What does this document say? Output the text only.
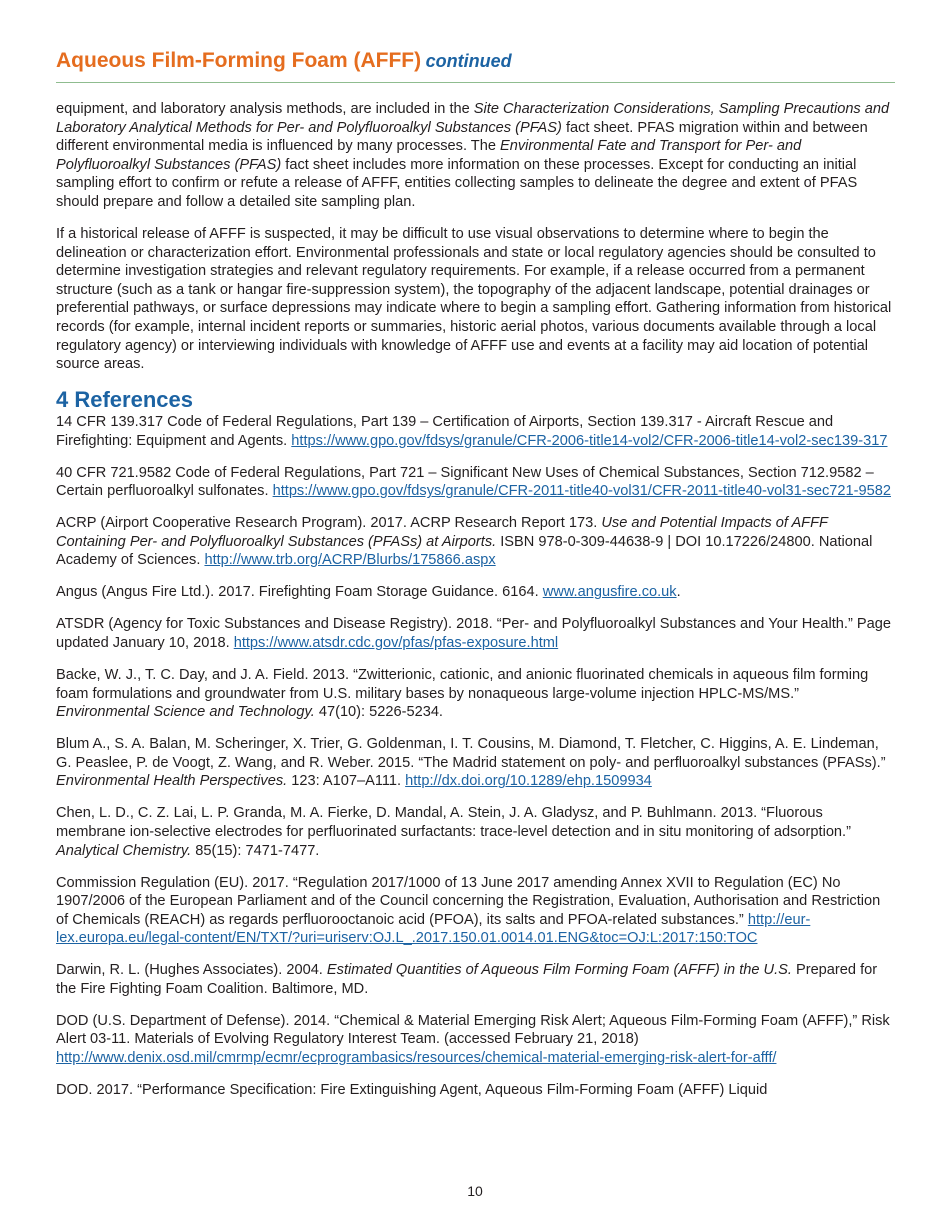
Aqueous Film-Forming Foam (AFFF) continued

equipment, and laboratory analysis methods, are included in the Site Characterization Considerations, Sampling Precautions and Laboratory Analytical Methods for Per- and Polyfluoroalkyl Substances (PFAS) fact sheet. PFAS migration within and between different environmental media is influenced by many processes. The Environmental Fate and Transport for Per- and Polyfluoroalkyl Substances (PFAS) fact sheet includes more information on these processes. Except for conducting an initial sampling effort to confirm or refute a release of AFFF, entities collecting samples to delineate the degree and extent of PFAS should prepare and follow a detailed site sampling plan.

If a historical release of AFFF is suspected, it may be difficult to use visual observations to determine where to begin the delineation or characterization effort. Environmental professionals and state or local regulatory agencies should be consulted to determine investigation strategies and relevant regulatory requirements. For example, if a release occurred from a permanent structure (such as a tank or hangar fire-suppression system), the topography of the adjacent landscape, potential drainages or preferential pathways, or surface depressions may indicate where to begin a sampling effort. Gathering information from historical records (for example, internal incident reports or summaries, historic aerial photos, various documents available through a local regulatory agency) or interviewing individuals with knowledge of AFFF use and events at a facility may aid location of potential source areas.

4 References

14 CFR 139.317 Code of Federal Regulations, Part 139 – Certification of Airports, Section 139.317 - Aircraft Rescue and Firefighting: Equipment and Agents. https://www.gpo.gov/fdsys/granule/CFR-2006-title14-vol2/CFR-2006-title14-vol2-sec139-317

40 CFR 721.9582 Code of Federal Regulations, Part 721 – Significant New Uses of Chemical Substances, Section 712.9582 – Certain perfluoroalkyl sulfonates. https://www.gpo.gov/fdsys/granule/CFR-2011-title40-vol31/CFR-2011-title40-vol31-sec721-9582

ACRP (Airport Cooperative Research Program). 2017. ACRP Research Report 173. Use and Potential Impacts of AFFF Containing Per- and Polyfluoroalkyl Substances (PFASs) at Airports. ISBN 978-0-309-44638-9 | DOI 10.17226/24800. National Academy of Sciences. http://www.trb.org/ACRP/Blurbs/175866.aspx

Angus (Angus Fire Ltd.). 2017. Firefighting Foam Storage Guidance. 6164. www.angusfire.co.uk.

ATSDR (Agency for Toxic Substances and Disease Registry). 2018. “Per- and Polyfluoroalkyl Substances and Your Health.” Page updated January 10, 2018. https://www.atsdr.cdc.gov/pfas/pfas-exposure.html

Backe, W. J., T. C. Day, and J. A. Field. 2013. “Zwitterionic, cationic, and anionic fluorinated chemicals in aqueous film forming foam formulations and groundwater from U.S. military bases by nonaqueous large-volume injection HPLC-MS/MS.” Environmental Science and Technology. 47(10): 5226-5234.

Blum A., S. A. Balan, M. Scheringer, X. Trier, G. Goldenman, I. T. Cousins, M. Diamond, T. Fletcher, C. Higgins, A. E. Lindeman, G. Peaslee, P. de Voogt, Z. Wang, and R. Weber. 2015. “The Madrid statement on poly- and perfluoroalkyl substances (PFASs).” Environmental Health Perspectives. 123: A107–A111. http://dx.doi.org/10.1289/ehp.1509934

Chen, L. D., C. Z. Lai, L. P. Granda, M. A. Fierke, D. Mandal, A. Stein, J. A. Gladysz, and P. Buhlmann. 2013. “Fluorous membrane ion-selective electrodes for perfluorinated surfactants: trace-level detection and in situ monitoring of adsorption.” Analytical Chemistry. 85(15): 7471-7477.

Commission Regulation (EU). 2017. “Regulation 2017/1000 of 13 June 2017 amending Annex XVII to Regulation (EC) No 1907/2006 of the European Parliament and of the Council concerning the Registration, Evaluation, Authorisation and Restriction of Chemicals (REACH) as regards perfluorooctanoic acid (PFOA), its salts and PFOA-related substances.” http://eur-lex.europa.eu/legal-content/EN/TXT/?uri=uriserv:OJ.L_.2017.150.01.0014.01.ENG&toc=OJ:L:2017:150:TOC

Darwin, R. L. (Hughes Associates). 2004. Estimated Quantities of Aqueous Film Forming Foam (AFFF) in the U.S. Prepared for the Fire Fighting Foam Coalition. Baltimore, MD.

DOD (U.S. Department of Defense). 2014. “Chemical & Material Emerging Risk Alert; Aqueous Film-Forming Foam (AFFF),” Risk Alert 03-11. Materials of Evolving Regulatory Interest Team. (accessed February 21, 2018) http://www.denix.osd.mil/cmrmp/ecmr/ecprogrambasics/resources/chemical-material-emerging-risk-alert-for-afff/

DOD. 2017. “Performance Specification: Fire Extinguishing Agent, Aqueous Film-Forming Foam (AFFF) Liquid

10
